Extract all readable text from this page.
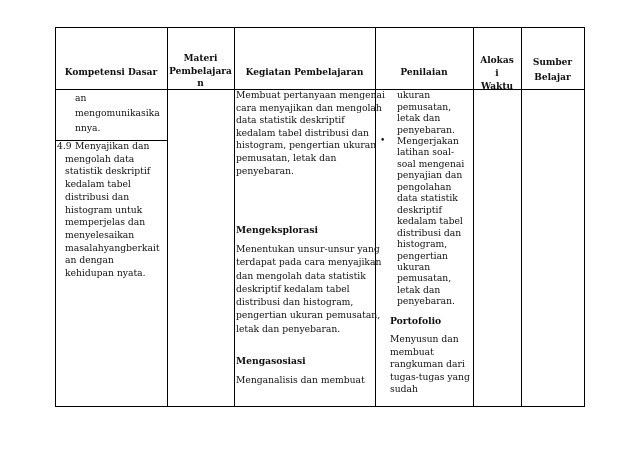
Kompetensi Dasar
Materi
Pembelajara
n
Kegiatan Pembelajaran	Penilaian
Alokas
i
Waktu
Sumber
Belajar
an
mengomunikasika
nnya.
4.9 Menyajikan dan
mengolah data
statistik deskriptif
kedalam tabel
distribusi dan
histogram untuk
memperjelas dan
menyelesaikan
masalahyangberkait
an dengan
kehidupan nyata.
Membuat pertanyaan mengenai
cara menyajikan dan mengolah
data statistik deskriptif
kedalam tabel distribusi dan
histogram, pengertian ukuran
pemusatan, letak dan
penyebaran.
Mengeksplorasi
Menentukan unsur-unsur yang
terdapat pada cara menyajikan
dan mengolah data statistik
deskriptif kedalam tabel
distribusi dan histogram,
pengertian ukuran pemusatan,
letak dan penyebaran.
Mengasosiasi
Menganalisis dan membuat
ukuran
pemusatan,
letak dan
penyebaran.
• Mengerjakan
latihan soal-
soal mengenai
penyajian dan
pengolahan
data statistik
deskriptif
kedalam tabel
distribusi dan
histogram,
pengertian
ukuran
pemusatan,
letak dan
penyebaran.
Portofolio
Menyusun dan
membuat
rangkuman dari
tugas-tugas yang
sudah
